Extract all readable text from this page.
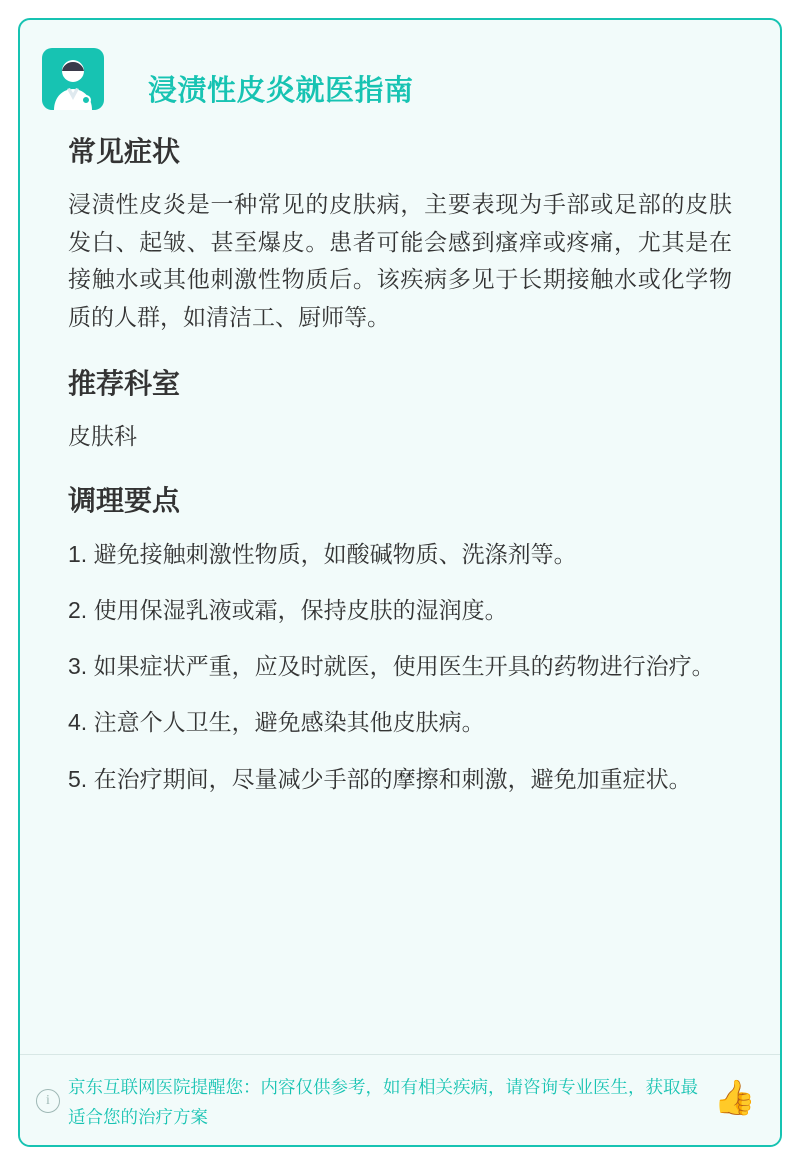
浸渍性皮炎就医指南
常见症状

浸渍性皮炎是一种常见的皮肤病，主要表现为手部或足部的皮肤发白、起皱、甚至爆皮。患者可能会感到瘙痒或疼痛，尤其是在接触水或其他刺激性物质后。该疾病多见于长期接触水或化学物质的人群，如清洁工、厨师等。

推荐科室

皮肤科

调理要点
1. 避免接触刺激性物质，如酸碱物质、洗涤剂等。
2. 使用保湿乳液或霜，保持皮肤的湿润度。
3. 如果症状严重，应及时就医，使用医生开具的药物进行治疗。
4. 注意个人卫生，避免感染其他皮肤病。
5. 在治疗期间，尽量减少手部的摩擦和刺激，避免加重症状。
i
京东互联网医院提醒您：内容仅供参考，如有相关疾病，请咨询专业医生，获取最适合您的治疗方案	👍
